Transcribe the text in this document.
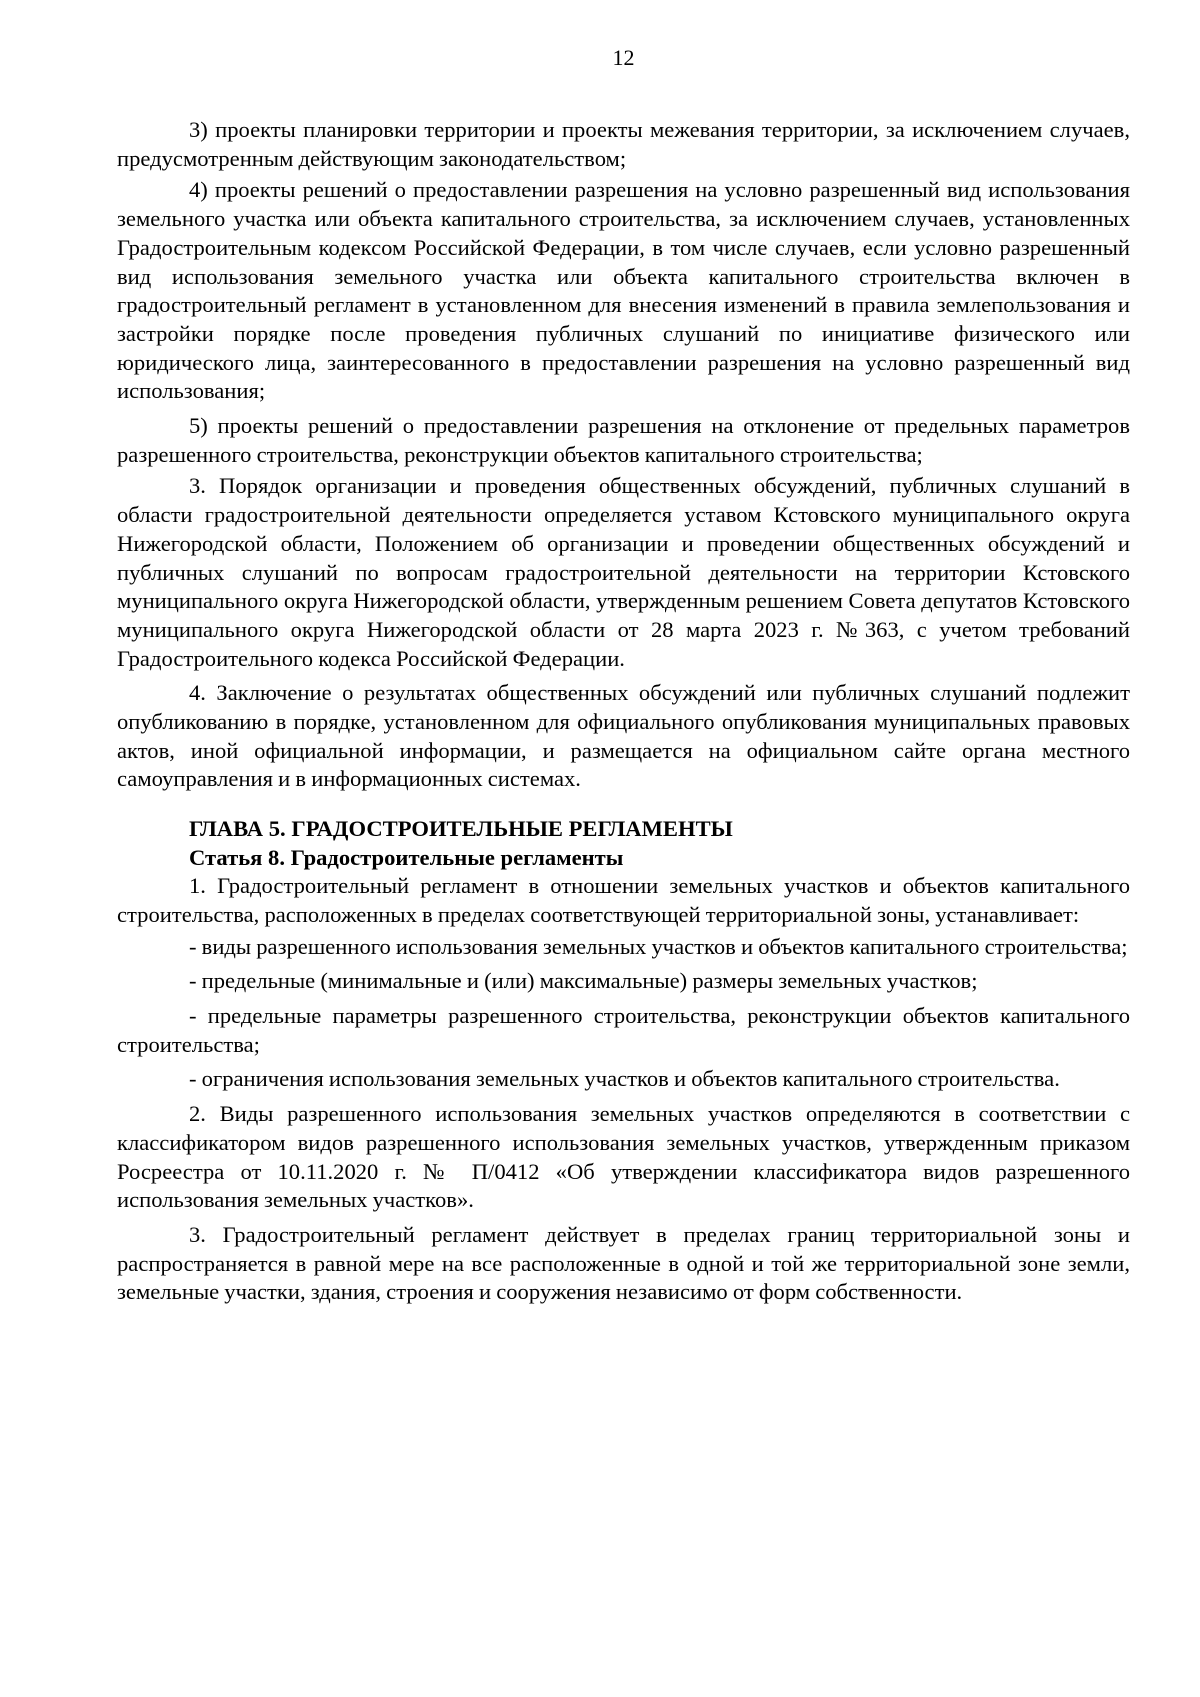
12

3) проекты планировки территории и проекты межевания территории, за исключением случаев, предусмотренным действующим законодательством;

4) проекты решений о предоставлении разрешения на условно разрешенный вид использования земельного участка или объекта капитального строительства, за исключением случаев, установленных Градостроительным кодексом Российской Федерации, в том числе случаев, если условно разрешенный вид использования земельного участка или объекта капитального строительства включен в градостроительный регламент в установленном для внесения изменений в правила землепользования и застройки порядке после проведения публичных слушаний по инициативе физического или юридического лица, заинтересованного в предоставлении разрешения на условно разрешенный вид использования;

5) проекты решений о предоставлении разрешения на отклонение от предельных параметров разрешенного строительства, реконструкции объектов капитального строительства;

3. Порядок организации и проведения общественных обсуждений, публичных слушаний в области градостроительной деятельности определяется уставом Кстовского муниципального округа Нижегородской области, Положением об организации и проведении общественных обсуждений и публичных слушаний по вопросам градостроительной деятельности на территории Кстовского муниципального округа Нижегородской области, утвержденным решением Совета депутатов Кстовского муниципального округа Нижегородской области от 28 марта 2023 г. №363, с учетом требований Градостроительного кодекса Российской Федерации.

4. Заключение о результатах общественных обсуждений или публичных слушаний подлежит опубликованию в порядке, установленном для официального опубликования муниципальных правовых актов, иной официальной информации, и размещается на официальном сайте органа местного самоуправления и в информационных системах.

ГЛАВА 5. ГРАДОСТРОИТЕЛЬНЫЕ РЕГЛАМЕНТЫ

Статья 8. Градостроительные регламенты

1. Градостроительный регламент в отношении земельных участков и объектов капитального строительства, расположенных в пределах соответствующей территориальной зоны, устанавливает:

- виды разрешенного использования земельных участков и объектов капитального строительства;

- предельные (минимальные и (или) максимальные) размеры земельных участков;

- предельные параметры разрешенного строительства, реконструкции объектов капитального строительства;

- ограничения использования земельных участков и объектов капитального строительства.

2. Виды разрешенного использования земельных участков определяются в соответствии с классификатором видов разрешенного использования земельных участков, утвержденным приказом Росреестра от 10.11.2020 г. № П/0412 «Об утверждении классификатора видов разрешенного использования земельных участков».

3. Градостроительный регламент действует в пределах границ территориальной зоны и распространяется в равной мере на все расположенные в одной и той же территориальной зоне земли, земельные участки, здания, строения и сооружения независимо от форм собственности.
